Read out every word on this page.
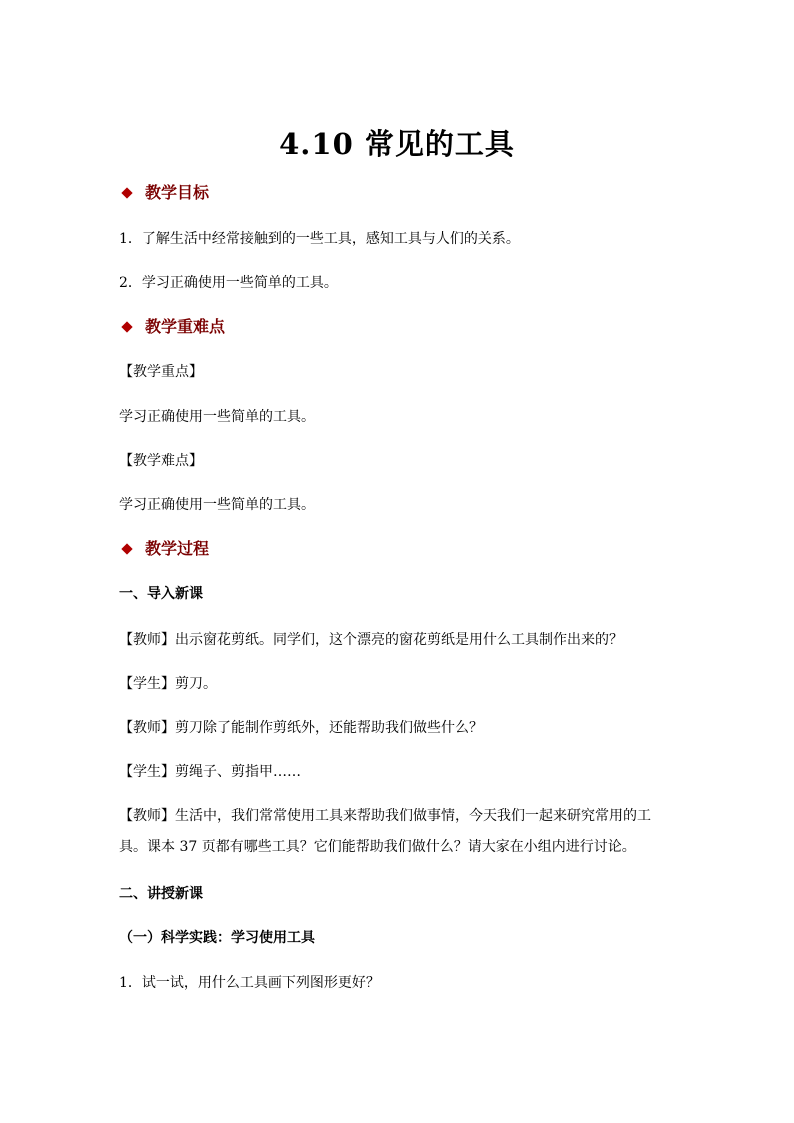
4.10 常见的工具
教学目标
1．了解生活中经常接触到的一些工具，感知工具与人们的关系。
2．学习正确使用一些简单的工具。
教学重难点
【教学重点】
学习正确使用一些简单的工具。
【教学难点】
学习正确使用一些简单的工具。
教学过程
一、导入新课
【教师】出示窗花剪纸。同学们，这个漂亮的窗花剪纸是用什么工具制作出来的？
【学生】剪刀。
【教师】剪刀除了能制作剪纸外，还能帮助我们做些什么？
【学生】剪绳子、剪指甲……
【教师】生活中，我们常常使用工具来帮助我们做事情，今天我们一起来研究常用的工具。课本 37 页都有哪些工具？它们能帮助我们做什么？请大家在小组内进行讨论。
二、讲授新课
（一）科学实践：学习使用工具
1．试一试，用什么工具画下列图形更好？
